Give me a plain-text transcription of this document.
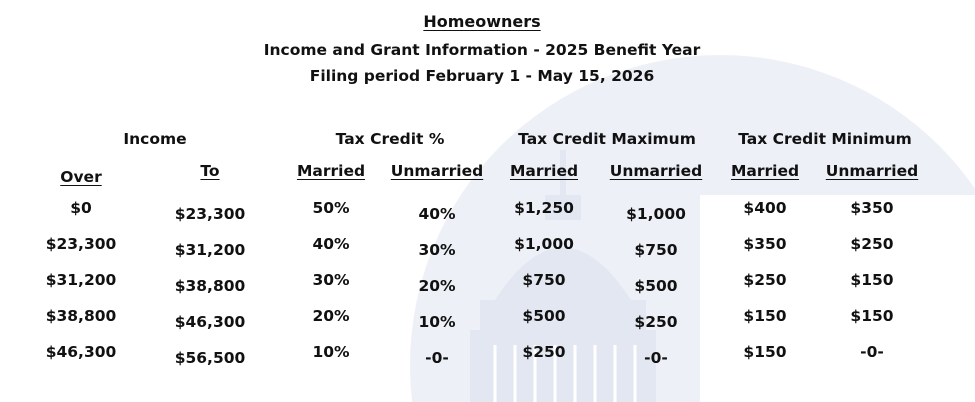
Homeowners
Income and Grant Information - 2025 Benefit Year
Filing period February 1 - May 15, 2026
Income	Tax Credit %	Tax Credit Maximum	Tax Credit Minimum
Over	To	Married Unmarried Married Unmarried Married Unmarried
$0	$23,300	50%	40%	$1,250	$1,000	$400	$350
$23,300	$31,200	40%	30%	$1,000	$750	$350	$250
$31,200	$38,800	30%	20%	$750	$500	$250	$150
$38,800	$46,300	20%	10%	$500	$250	$150	$150
$46,300	$56,500	10%	-0-	$250	-0-	$150	-0-
